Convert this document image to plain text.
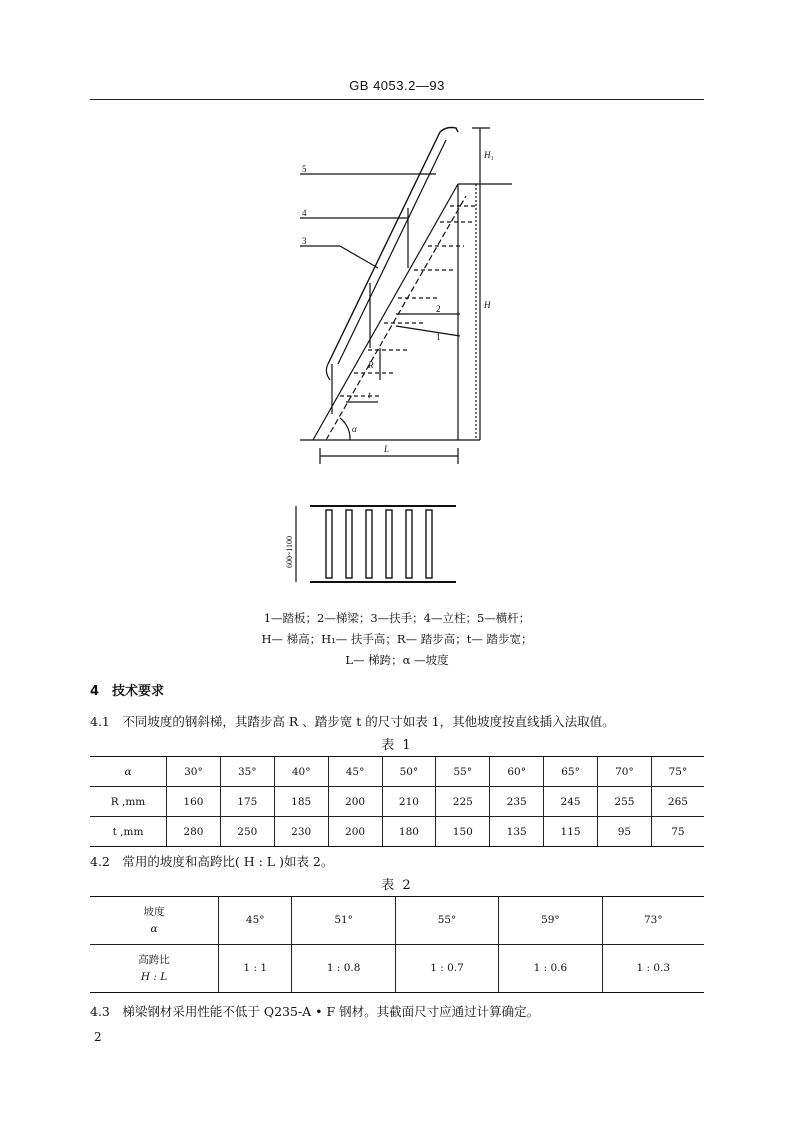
GB 4053.2—93
5
4
3
2
1
H
H₁
L
R
t
α
600~1100
1—踏板；2—梯梁；3—扶手；4—立柱；5—横杆；
H— 梯高；H₁— 扶手高；R— 踏步高；t— 踏步宽；
L— 梯跨；α —坡度
4　技术要求
4.1　不同坡度的钢斜梯，其踏步高 R 、踏步宽 t 的尺寸如表 1，其他坡度按直线插入法取值。
表 1
α	30°	35°	40°	45°	50°	55°	60°	65°	70°	75°
R ,mm	160	175	185	200	210	225	235	245	255	265
t ,mm	280	250	230	200	180	150	135	115	95	75
4.2　常用的坡度和高跨比( H : L )如表 2。
表 2
坡度
α	45°	51°	55°	59°	73°

高跨比
H : L	1 : 1	1 : 0.8	1 : 0.7	1 : 0.6	1 : 0.3
4.3　梯梁钢材采用性能不低于 Q235-A • F 钢材。其截面尺寸应通过计算确定。
2
